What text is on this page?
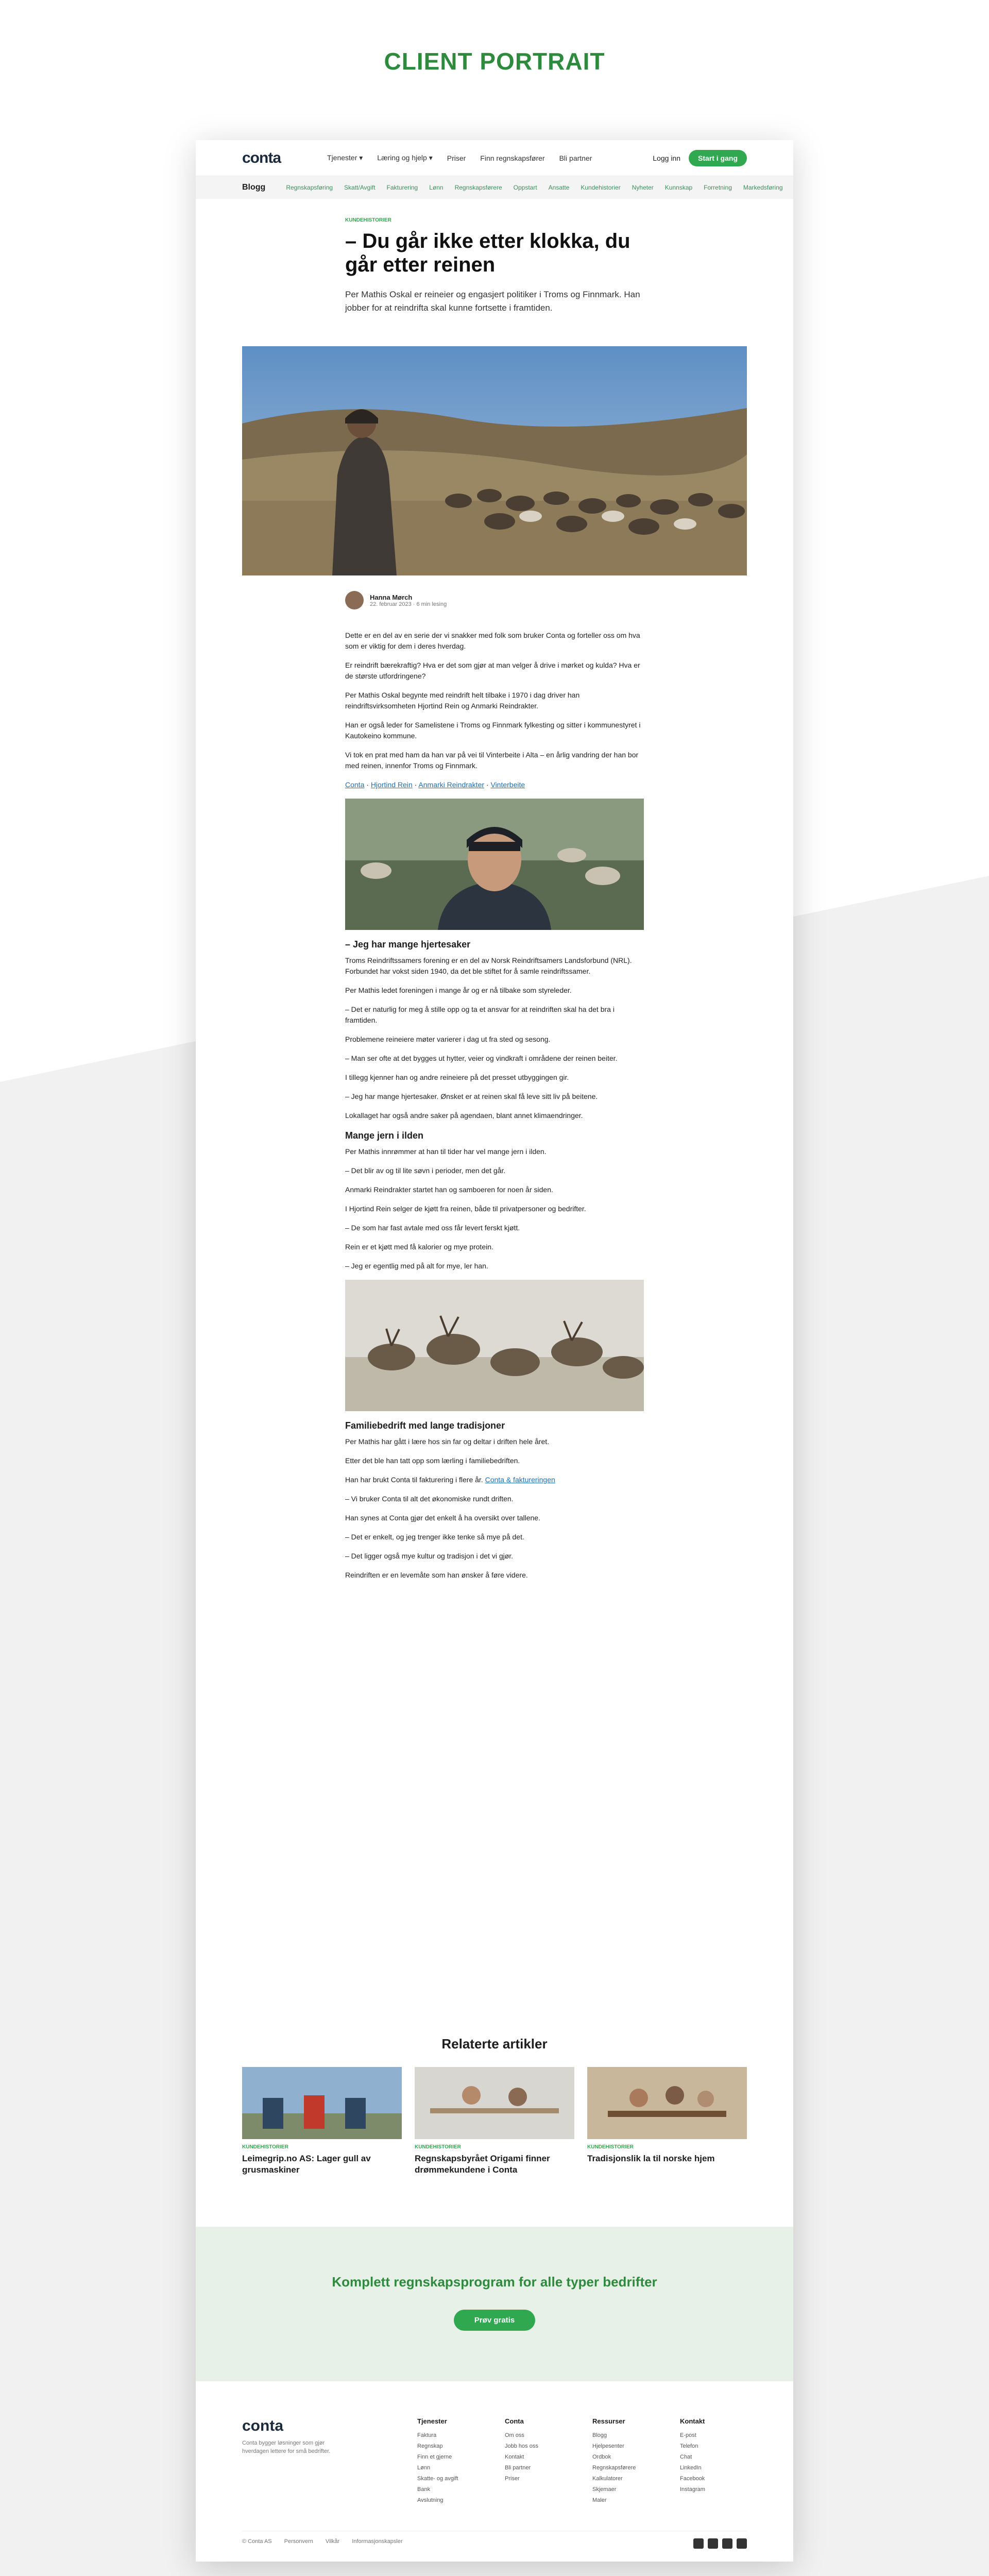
CLIENT PORTRAIT
conta	Tjenester ▾ Læring og hjelp ▾ Priser Finn regnskapsfører Bli partner	Logg inn	Start i gang
Blogg	Regnskapsføring Skatt/Avgift Fakturering Lønn Regnskapsførere Oppstart Ansatte Kundehistorier Nyheter Kunnskap Forretning Markedsføring
KUNDEHISTORIER
– Du går ikke etter klokka, du går etter reinen
Per Mathis Oskal er reineier og engasjert politiker i Troms og Finnmark. Han jobber for at reindrifta skal kunne fortsette i framtiden.
Hanna Mørch
22. februar 2023 · 6 min lesing
Dette er en del av en serie der vi snakker med folk som bruker Conta og forteller oss om hva som er viktig for dem i deres hverdag.
Er reindrift bærekraftig? Hva er det som gjør at man velger å drive i mørket og kulda? Hva er de største utfordringene?
Per Mathis Oskal begynte med reindrift helt tilbake i 1970 i dag driver han reindriftsvirksomheten Hjortind Rein og Anmarki Reindrakter.
Han er også leder for Samelistene i Troms og Finnmark fylkesting og sitter i kommunestyret i Kautokeino kommune.
Vi tok en prat med ham da han var på vei til Vinterbeite i Alta – en årlig vandring der han bor med reinen, innenfor Troms og Finnmark.
Conta · Hjortind Rein · Anmarki Reindrakter · Vinterbeite
– Jeg har mange hjertesaker
Troms Reindriftssamers forening er en del av Norsk Reindriftsamers Landsforbund (NRL). Forbundet har vokst siden 1940, da det ble stiftet for å samle reindriftssamer.
Per Mathis ledet foreningen i mange år og er nå tilbake som styreleder.
– Det er naturlig for meg å stille opp og ta et ansvar for at reindriften skal ha det bra i framtiden.
Problemene reineiere møter varierer i dag ut fra sted og sesong.
– Man ser ofte at det bygges ut hytter, veier og vindkraft i områdene der reinen beiter.
I tillegg kjenner han og andre reineiere på det presset utbyggingen gir.
– Jeg har mange hjertesaker. Ønsket er at reinen skal få leve sitt liv på beitene.
Lokallaget har også andre saker på agendaen, blant annet klimaendringer.
Mange jern i ilden
Per Mathis innrømmer at han til tider har vel mange jern i ilden.
– Det blir av og til lite søvn i perioder, men det går.
Anmarki Reindrakter startet han og samboeren for noen år siden.
I Hjortind Rein selger de kjøtt fra reinen, både til privatpersoner og bedrifter.
– De som har fast avtale med oss får levert ferskt kjøtt.
Rein er et kjøtt med få kalorier og mye protein.
– Jeg er egentlig med på alt for mye, ler han.
Familiebedrift med lange tradisjoner
Per Mathis har gått i lære hos sin far og deltar i driften hele året.
Etter det ble han tatt opp som lærling i familiebedriften.
Han har brukt Conta til fakturering i flere år. Conta & faktureringen
– Vi bruker Conta til alt det økonomiske rundt driften.
Han synes at Conta gjør det enkelt å ha oversikt over tallene.
– Det er enkelt, og jeg trenger ikke tenke så mye på det.
– Det ligger også mye kultur og tradisjon i det vi gjør.
Reindriften er en levemåte som han ønsker å føre videre.
Relaterte artikler
KUNDEHISTORIER
Leimegrip.no AS: Lager gull av grusmaskiner
KUNDEHISTORIER
Regnskapsbyrået Origami finner drømmekundene i Conta
KUNDEHISTORIER
Tradisjonslik la til norske hjem
Komplett regnskapsprogram for alle typer bedrifter
Prøv gratis
conta
Conta bygger løsninger som gjør hverdagen lettere for små bedrifter.
Tjenester
Faktura
Regnskap
Finn et gjerne
Lønn
Skatte- og avgift
Bank
Avslutning
Conta
Om oss
Jobb hos oss
Kontakt
Bli partner
Priser
Ressurser
Blogg
Hjelpesenter
Ordbok
Regnskapsførere
Kalkulatorer
Skjemaer
Maler
Kontakt
E-post
Telefon
Chat
LinkedIn
Facebook
Instagram
© Conta AS Personvern Vilkår Informasjonskapsler
